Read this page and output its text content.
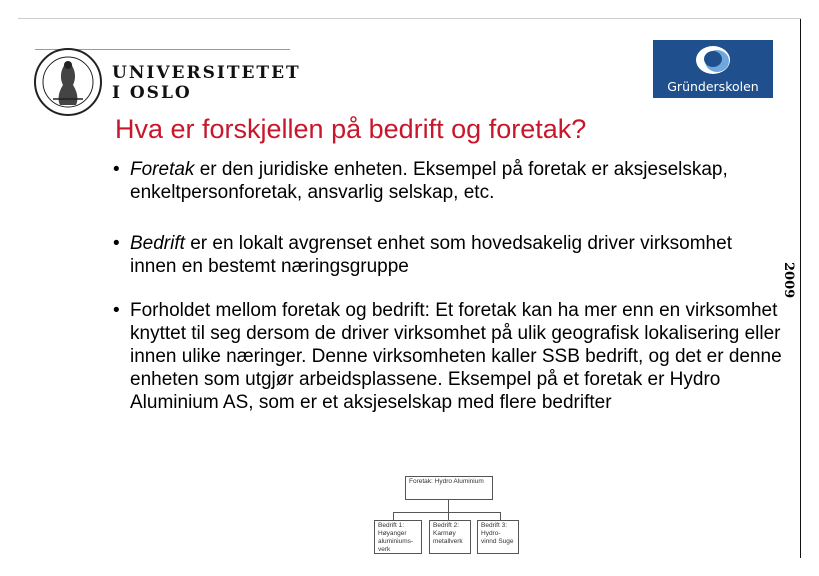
UNIVERSITETET
I OSLO	Gründerskolen
Hva er forskjellen på bedrift og foretak?
• Foretak er den juridiske enheten. Eksempel på foretak er aksjeselskap, enkeltpersonforetak, ansvarlig selskap, etc.
• Bedrift er en lokalt avgrenset enhet som hovedsakelig driver virksomhet innen en bestemt næringsgruppe
• Forholdet mellom foretak og bedrift: Et foretak kan ha mer enn en virksomhet knyttet til seg dersom de driver virksomhet på ulik geografisk lokalisering eller innen ulike næringer. Denne virksomheten kaller SSB bedrift, og det er denne enheten som utgjør arbeidsplassene. Eksempel på et foretak er Hydro Aluminium AS, som er et aksjeselskap med flere bedrifter
2009
Foretak: Hydro Aluminium
Bedrift 1: Høyanger aluminiums-verk
Bedrift 2: Karmøy metallverk
Bedrift 3: Hydro-vinnd Suge
